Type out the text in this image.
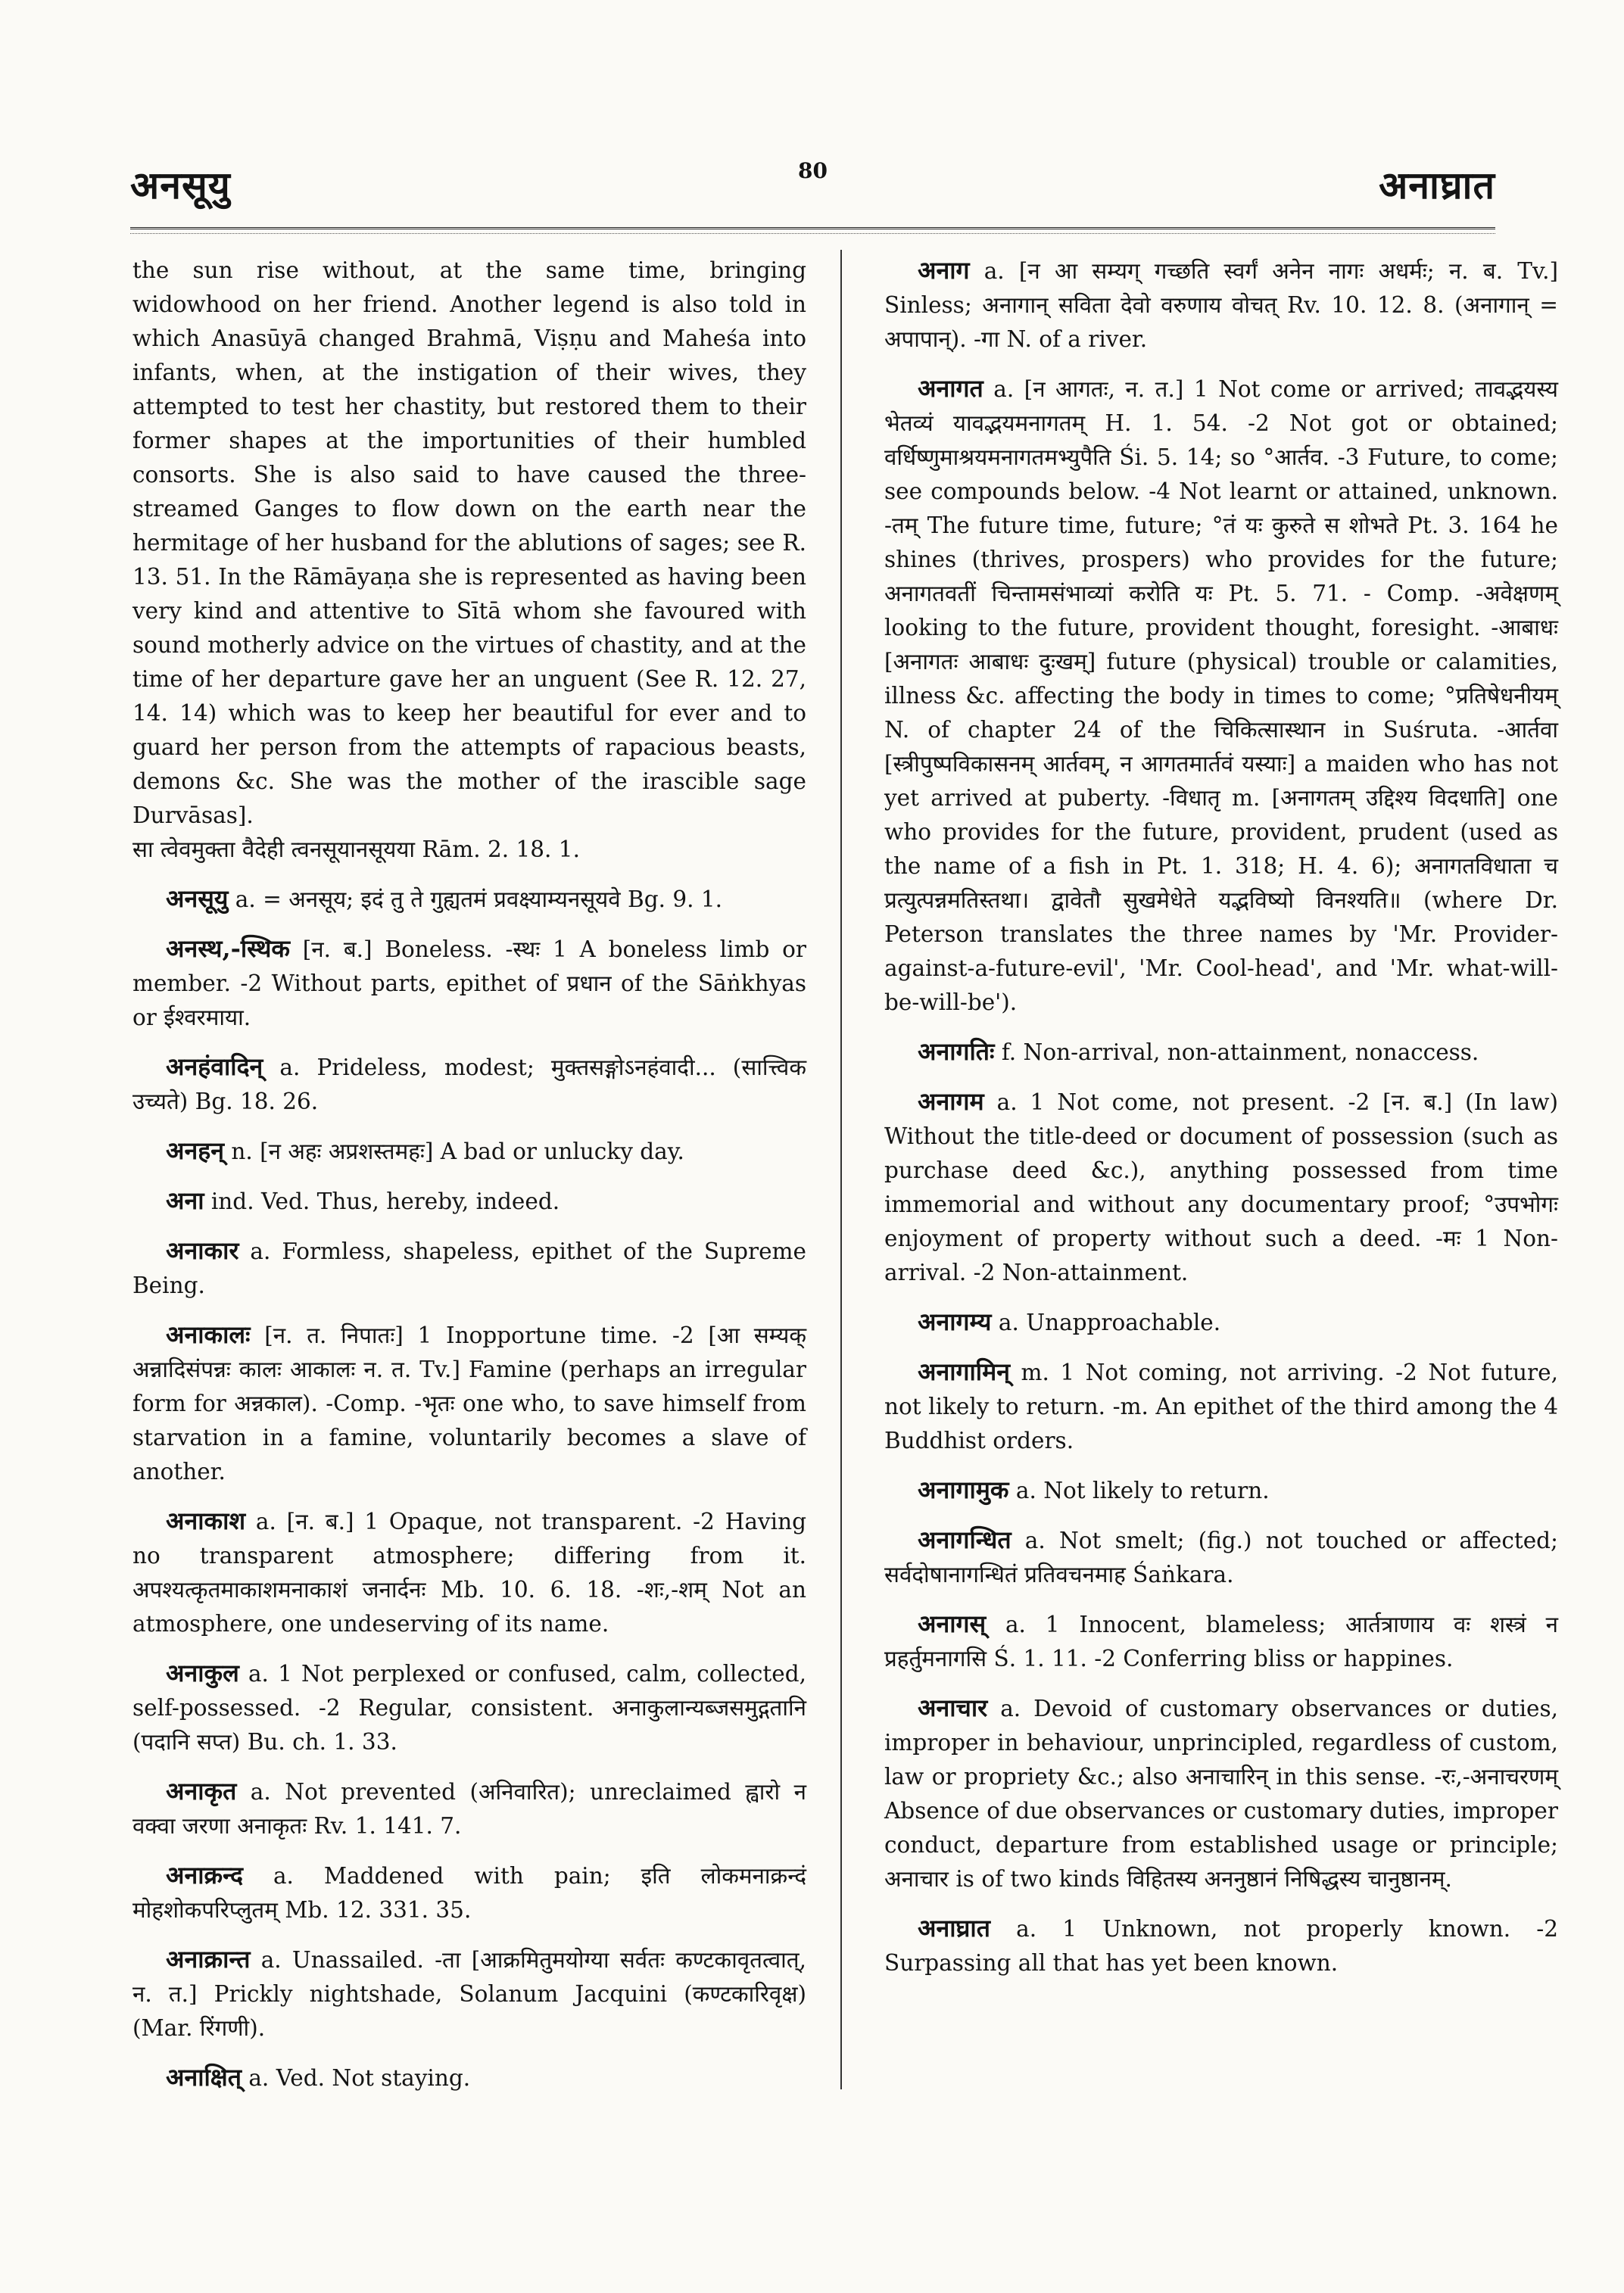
अनसूयु	80	अनाघ्रात

the sun rise without, at the same time, bringing widowhood on her friend. Another legend is also told in which Anasūyā changed Brahmā, Viṣṇu and Maheśa into infants, when, at the instigation of their wives, they attempted to test her chastity, but restored them to their former shapes at the importunities of their humbled consorts. She is also said to have caused the three-streamed Ganges to flow down on the earth near the hermitage of her husband for the ablutions of sages; see R. 13. 51. In the Rāmāyaṇa she is represented as having been very kind and attentive to Sītā whom she favoured with sound motherly advice on the virtues of chastity, and at the time of her departure gave her an unguent (See R. 12. 27, 14. 14) which was to keep her beautiful for ever and to guard her person from the attempts of rapacious beasts, demons &c. She was the mother of the irascible sage Durvāsas].

सा त्वेवमुक्ता वैदेही त्वनसूयानसूयया Rām. 2. 18. 1.

अनसूयु a. = अनसूय; इदं तु ते गुह्यतमं प्रवक्ष्याम्यनसूयवे Bg. 9. 1.

अनस्थ,-स्थिक [न. ब.] Boneless. -स्थः 1 A boneless limb or member. -2 Without parts, epithet of प्रधान of the Sāṅkhyas or ईश्वरमाया.

अनहंवादिन् a. Prideless, modest; मुक्तसङ्गोऽनहंवादी... (सात्त्विक उच्यते) Bg. 18. 26.

अनहन् n. [न अहः अप्रशस्तमहः] A bad or unlucky day.

अना ind. Ved. Thus, hereby, indeed.

अनाकार a. Formless, shapeless, epithet of the Supreme Being.

अनाकालः [न. त. निपातः] 1 Inopportune time. -2 [आ सम्यक् अन्नादिसंपन्नः कालः आकालः न. त. Tv.] Famine (perhaps an irregular form for अन्नकाल). -Comp. -भृतः one who, to save himself from starvation in a famine, voluntarily becomes a slave of another.

अनाकाश a. [न. ब.] 1 Opaque, not transparent. -2 Having no transparent atmosphere; differing from it. अपश्यत्कृतमाकाशमनाकाशं जनार्दनः Mb. 10. 6. 18. -शः,-शम् Not an atmosphere, one undeserving of its name.

अनाकुल a. 1 Not perplexed or confused, calm, collected, self-possessed. -2 Regular, consistent. अनाकुलान्यब्जसमुद्गतानि (पदानि सप्त) Bu. ch. 1. 33.

अनाकृत a. Not prevented (अनिवारित); unreclaimed ह्वारो न वक्वा जरणा अनाकृतः Rv. 1. 141. 7.

अनाक्रन्द a. Maddened with pain; इति लोकमनाक्रन्दं मोहशोकपरिप्लुतम् Mb. 12. 331. 35.

अनाक्रान्त a. Unassailed. -ता [आक्रमितुमयोग्या सर्वतः कण्टकावृतत्वात्, न. त.] Prickly nightshade, Solanum Jacquini (कण्टकारिवृक्ष) (Mar. रिंगणी).

अनाक्षित् a. Ved. Not staying.

अनाग a. [न आ सम्यग् गच्छति स्वर्गं अनेन नागः अधर्मः; न. ब. Tv.] Sinless; अनागान् सविता देवो वरुणाय वोचत् Rv. 10. 12. 8. (अनागान् = अपापान्). -गा N. of a river.

अनागत a. [न आगतः, न. त.] 1 Not come or arrived; तावद्भयस्य भेतव्यं यावद्भयमनागतम् H. 1. 54. -2 Not got or obtained; वर्धिष्णुमाश्रयमनागतमभ्युपैति Śi. 5. 14; so °आर्तव. -3 Future, to come; see compounds below. -4 Not learnt or attained, unknown. -तम् The future time, future; °तं यः कुरुते स शोभते Pt. 3. 164 he shines (thrives, prospers) who provides for the future; अनागतवतीं चिन्तामसंभाव्यां करोति यः Pt. 5. 71. - Comp. -अवेक्षणम् looking to the future, provident thought, foresight. -आबाधः [अनागतः आबाधः दुःखम्] future (physical) trouble or calamities, illness &c. affecting the body in times to come; °प्रतिषेधनीयम् N. of chapter 24 of the चिकित्सास्थान in Suśruta. -आर्तवा [स्त्रीपुष्पविकासनम् आर्तवम्, न आगतमार्तवं यस्याः] a maiden who has not yet arrived at puberty. -विधातृ m. [अनागतम् उद्दिश्य विदधाति] one who provides for the future, provident, prudent (used as the name of a fish in Pt. 1. 318; H. 4. 6); अनागतविधाता च प्रत्युत्पन्नमतिस्तथा। द्वावेतौ सुखमेधेते यद्भविष्यो विनश्यति॥ (where Dr. Peterson translates the three names by 'Mr. Provider-against-a-future-evil', 'Mr. Cool-head', and 'Mr. what-will-be-will-be').

अनागतिः f. Non-arrival, non-attainment, nonaccess.

अनागम a. 1 Not come, not present. -2 [न. ब.] (In law) Without the title-deed or document of possession (such as purchase deed &c.), anything possessed from time immemorial and without any documentary proof; °उपभोगः enjoyment of property without such a deed. -मः 1 Non-arrival. -2 Non-attainment.

अनागम्य a. Unapproachable.

अनागामिन् m. 1 Not coming, not arriving. -2 Not future, not likely to return. -m. An epithet of the third among the 4 Buddhist orders.

अनागामुक a. Not likely to return.

अनागन्धित a. Not smelt; (fig.) not touched or affected; सर्वदोषानागन्धितं प्रतिवचनमाह Śaṅkara.

अनागस् a. 1 Innocent, blameless; आर्तत्राणाय वः शस्त्रं न प्रहर्तुमनागसि Ś. 1. 11. -2 Conferring bliss or happines.

अनाचार a. Devoid of customary observances or duties, improper in behaviour, unprincipled, regardless of custom, law or propriety &c.; also अनाचारिन् in this sense. -रः,-अनाचरणम् Absence of due observances or customary duties, improper conduct, departure from established usage or principle; अनाचार is of two kinds विहितस्य अननुष्ठानं निषिद्धस्य चानुष्ठानम्.

अनाघ्रात a. 1 Unknown, not properly known. -2 Surpassing all that has yet been known.
